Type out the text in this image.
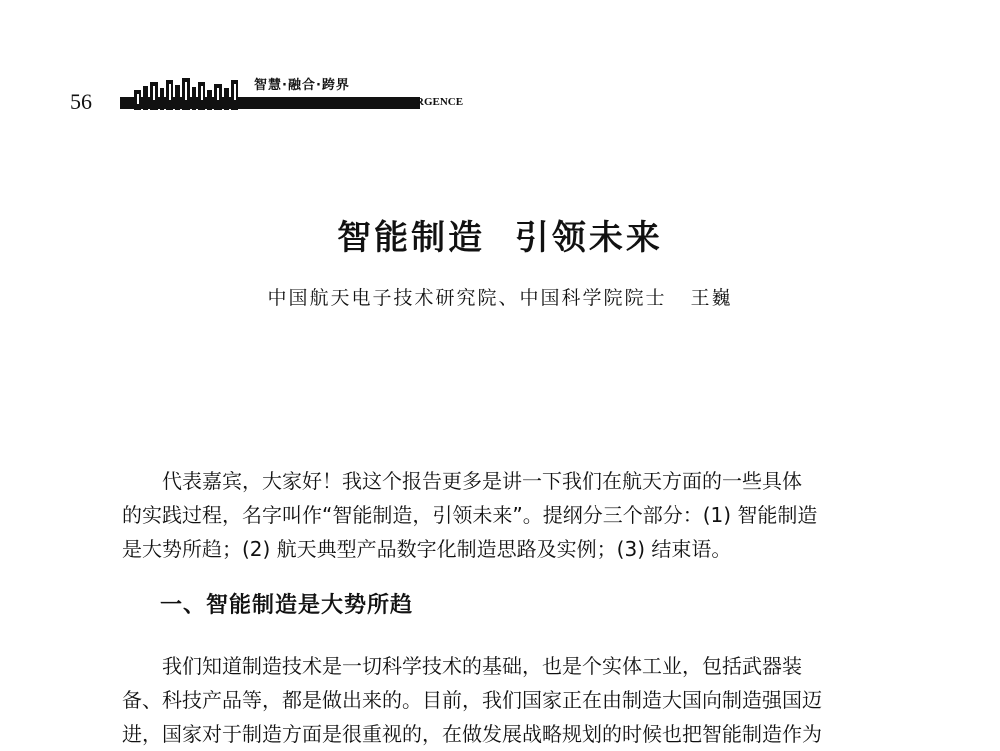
56
智慧·融合·跨界
RGENCE
智能制造  引领未来
中国航天电子技术研究院、中国科学院院士   王巍
代表嘉宾，大家好！我这个报告更多是讲一下我们在航天方面的一些具体
的实践过程，名字叫作“智能制造，引领未来”。提纲分三个部分：(1) 智能制造
是大势所趋；(2) 航天典型产品数字化制造思路及实例；(3) 结束语。
一、智能制造是大势所趋
我们知道制造技术是一切科学技术的基础，也是个实体工业，包括武器装
备、科技产品等，都是做出来的。目前，我们国家正在由制造大国向制造强国迈
进，国家对于制造方面是很重视的，在做发展战略规划的时候也把智能制造作为
